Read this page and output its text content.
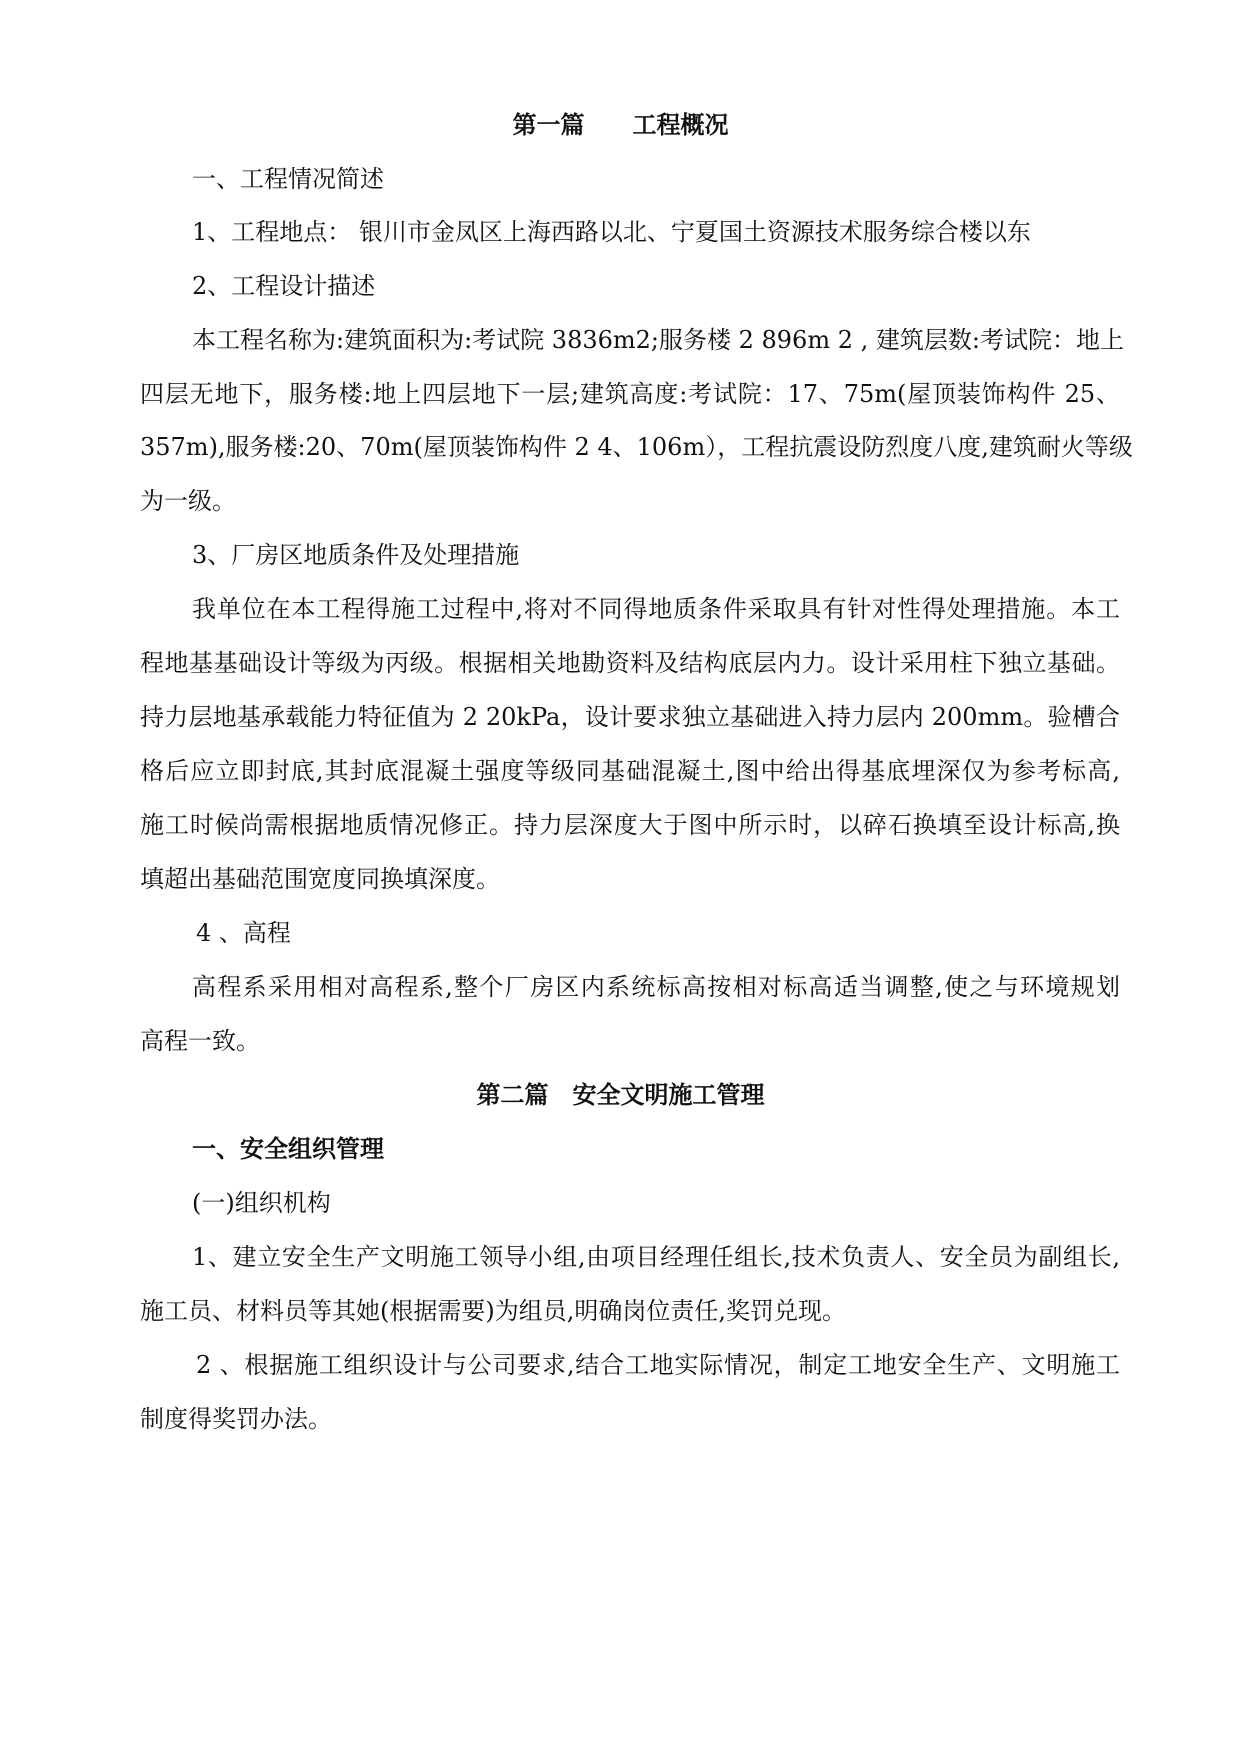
第一篇　　工程概况

一、工程情况简述

1、工程地点： 银川市金凤区上海西路以北、宁夏国土资源技术服务综合楼以东

2、工程设计描述

本工程名称为:建筑面积为:考试院 3836m2;服务楼 2 896m 2 , 建筑层数:考试院：地上

四层无地下，服务楼:地上四层地下一层;建筑高度:考试院：17、75m(屋顶装饰构件 25、

357m),服务楼:20、70m(屋顶装饰构件 2 4、106m），工程抗震设防烈度八度,建筑耐火等级

为一级。

3、厂房区地质条件及处理措施

我单位在本工程得施工过程中,将对不同得地质条件采取具有针对性得处理措施。本工

程地基基础设计等级为丙级。根据相关地勘资料及结构底层内力。设计采用柱下独立基础。

持力层地基承载能力特征值为 2 20kPa，设计要求独立基础进入持力层内 200mm。验槽合

格后应立即封底,其封底混凝土强度等级同基础混凝土,图中给出得基底埋深仅为参考标高,

施工时候尚需根据地质情况修正。持力层深度大于图中所示时，以碎石换填至设计标高,换

填超出基础范围宽度同换填深度。

4 、高程

高程系采用相对高程系,整个厂房区内系统标高按相对标高适当调整,使之与环境规划

高程一致。

第二篇　安全文明施工管理

一、安全组织管理

(一)组织机构

1、建立安全生产文明施工领导小组,由项目经理任组长,技术负责人、安全员为副组长,

施工员、材料员等其她(根据需要)为组员,明确岗位责任,奖罚兑现。

2 、根据施工组织设计与公司要求,结合工地实际情况，制定工地安全生产、文明施工

制度得奖罚办法。
